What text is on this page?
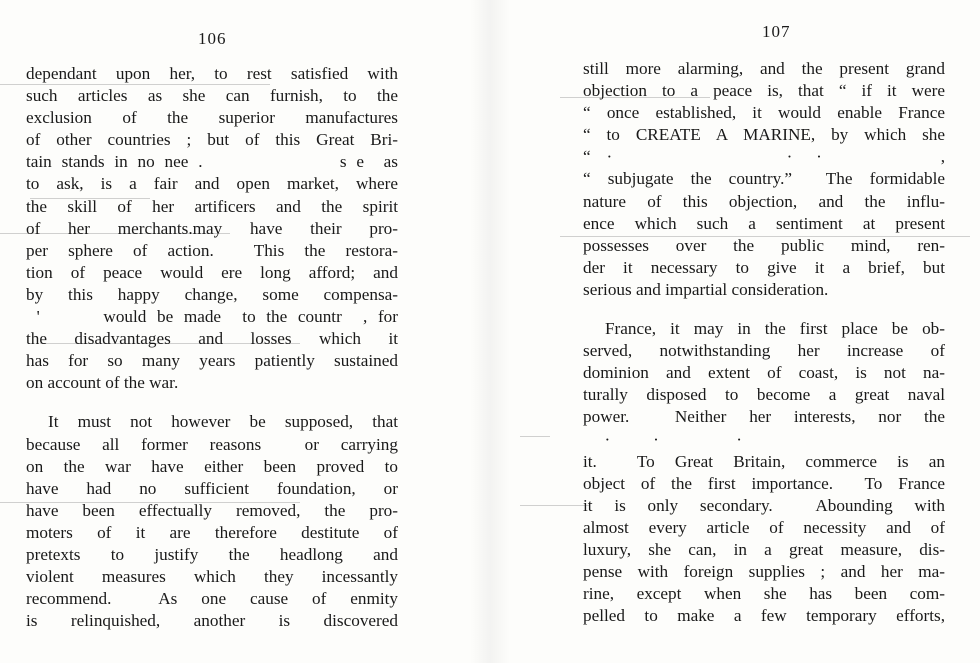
106
dependant upon her, to rest satisfied with
such articles as she can furnish, to the
exclusion of the superior manufactures
of other countries ; but of this Great Bri-
tain stands in no nee .              s e  as
to ask, is a fair and open market, where
the skill of her artificers and the spirit
of her merchants.may have their pro-
per sphere of action.  This the restora-
tion of peace would ere long afford; and
by this happy change, some compensa-
'      would be made  to the countr  , for
the disadvantages and losses which it
has for so many years patiently sustained
on account of the war.
It must not however be supposed, that
because all former reasons  or carrying
on the war have either been proved to
have had no sufficient foundation, or
have been effectually removed, the pro-
moters of it are therefore destitute of
pretexts to justify the headlong and
violent measures which they incessantly
recommend.  As one cause of enmity
is relinquished, another is discovered
107
still more alarming, and the present grand
objection to a peace is, that “ if it were
“ once established, it would enable France
“ to CREATE A MARINE, by which she
“  ·                      ·   ·               ,
“ subjugate the country.”  The formidable
nature of this objection, and the influ-
ence which such a sentiment at present
possesses over the public mind, ren-
der it necessary to give it a brief, but
serious and impartial consideration.
France, it may in the first place be ob-
served, notwithstanding her increase of
dominion and extent of coast, is not na-
turally disposed to become a great naval
power.  Neither her interests, nor the
·          ·                  ·
it.  To Great Britain, commerce is an
object of the first importance.  To France
it is only secondary.  Abounding with
almost every article of necessity and of
luxury, she can, in a great measure, dis-
pense with foreign supplies ; and her ma-
rine, except when she has been com-
pelled to make a few temporary efforts,
